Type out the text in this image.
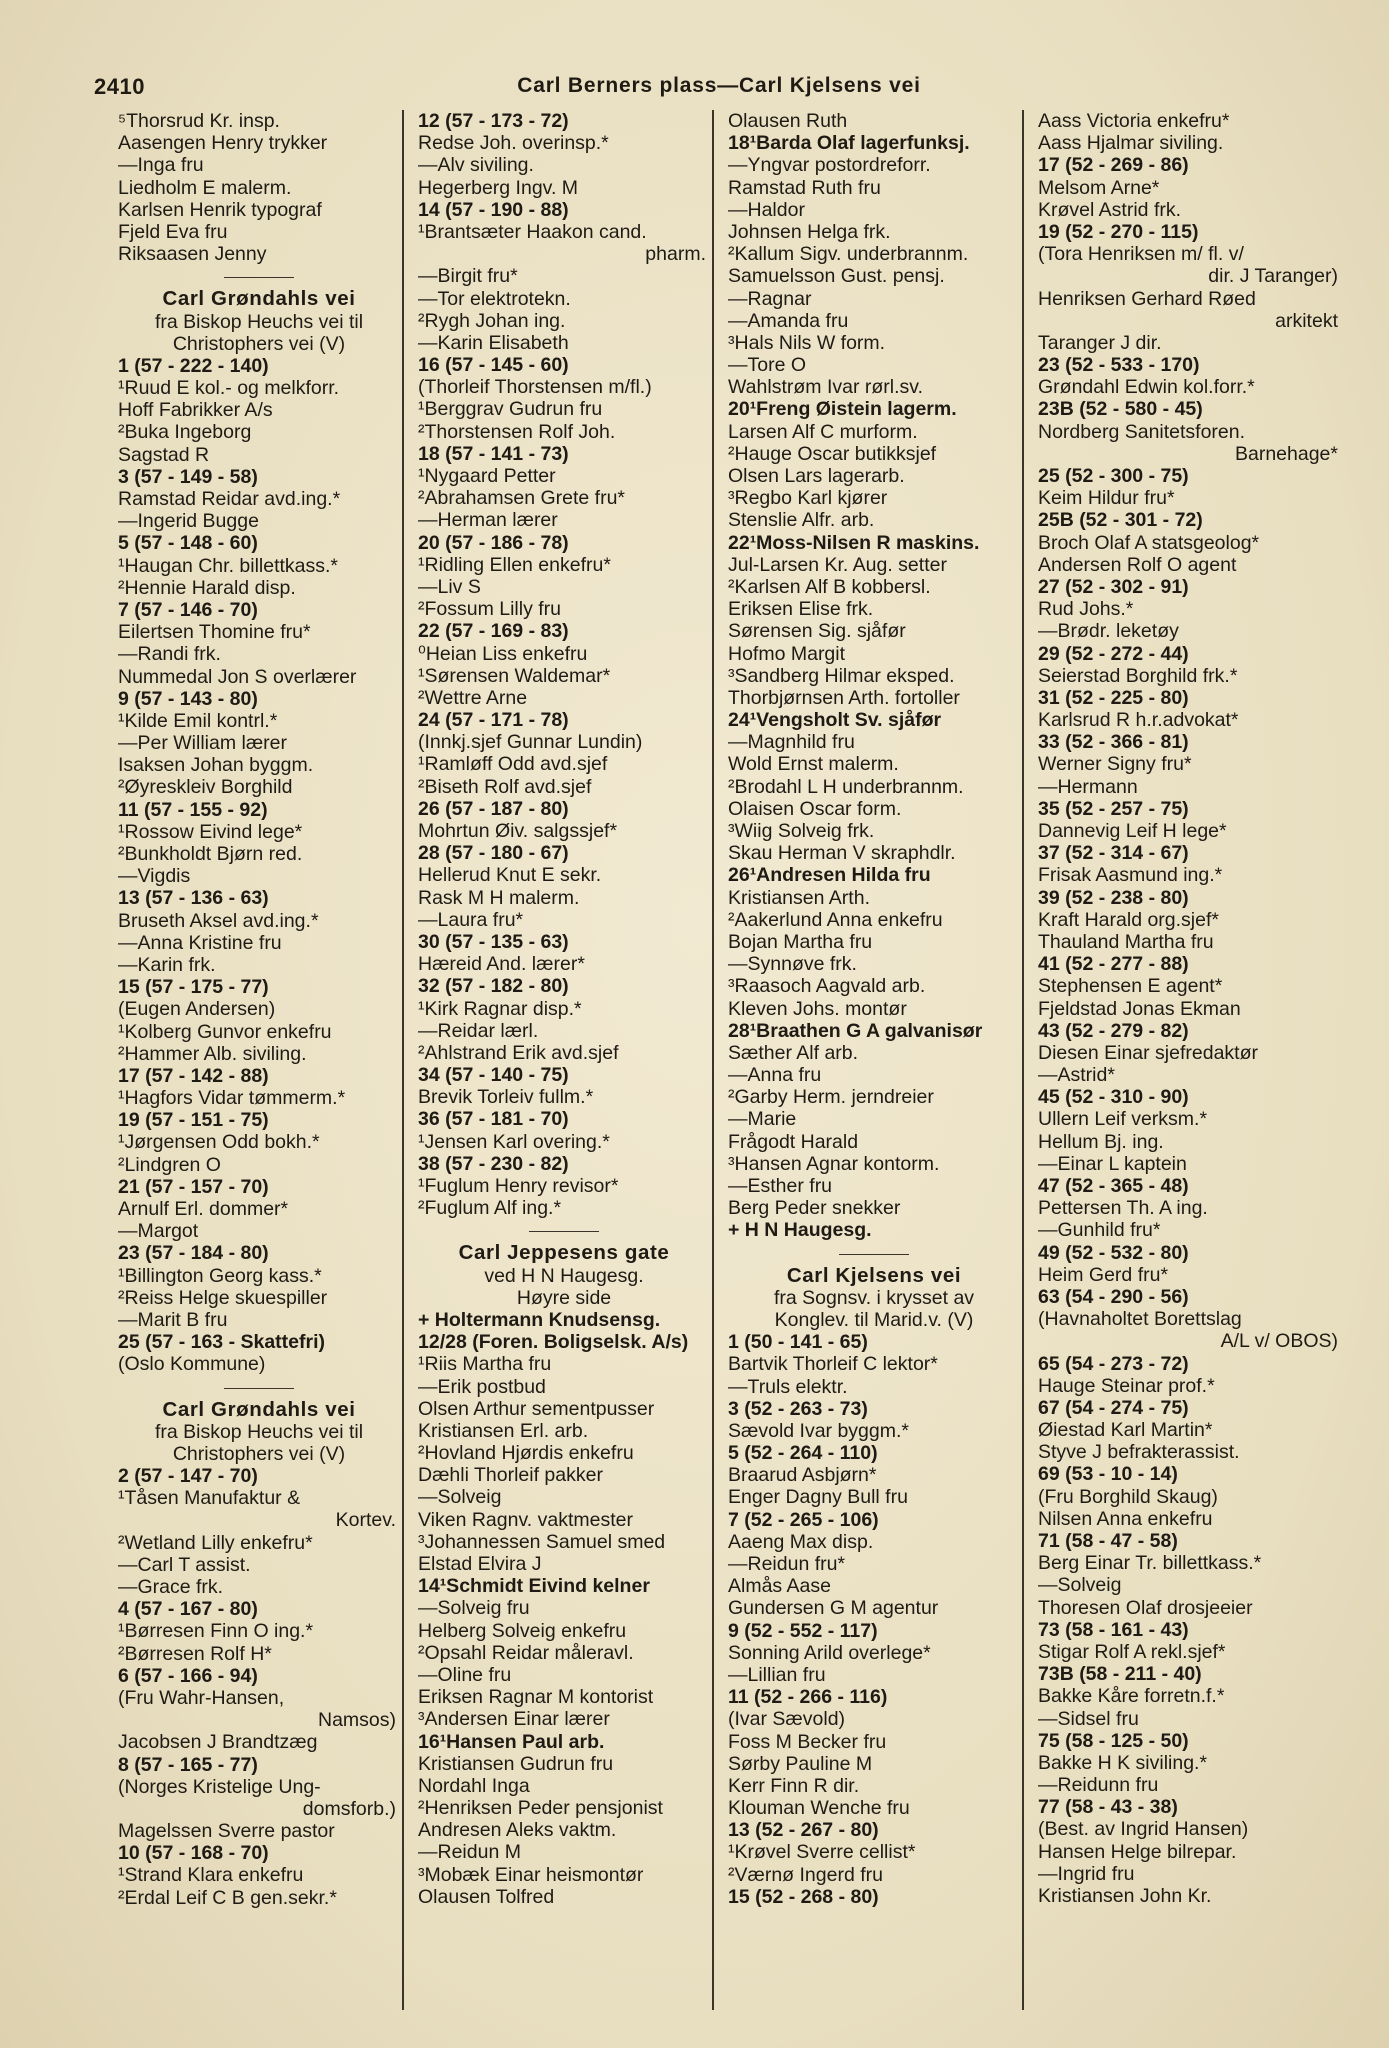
2410	Carl Berners plass—Carl Kjelsens vei
⁵Thorsrud Kr. insp.
Aasengen Henry trykker
—Inga fru
Liedholm E malerm.
Karlsen Henrik typograf
Fjeld Eva fru
Riksaasen Jenny
Carl Grøndahls vei
fra Biskop Heuchs vei til
Christophers vei (V)
1 (57 - 222 - 140)
¹Ruud E kol.- og melkforr.
Hoff Fabrikker A/s
²Buka Ingeborg
Sagstad R
3 (57 - 149 - 58)
Ramstad Reidar avd.ing.*
—Ingerid Bugge
5 (57 - 148 - 60)
¹Haugan Chr. billettkass.*
²Hennie Harald disp.
7 (57 - 146 - 70)
Eilertsen Thomine fru*
—Randi frk.
Nummedal Jon S overlærer
9 (57 - 143 - 80)
¹Kilde Emil kontrl.*
—Per William lærer
Isaksen Johan byggm.
²Øyreskleiv Borghild
11 (57 - 155 - 92)
¹Rossow Eivind lege*
²Bunkholdt Bjørn red.
—Vigdis
13 (57 - 136 - 63)
Bruseth Aksel avd.ing.*
—Anna Kristine fru
—Karin frk.
15 (57 - 175 - 77)
(Eugen Andersen)
¹Kolberg Gunvor enkefru
²Hammer Alb. siviling.
17 (57 - 142 - 88)
¹Hagfors Vidar tømmerm.*
19 (57 - 151 - 75)
¹Jørgensen Odd bokh.*
²Lindgren O
21 (57 - 157 - 70)
Arnulf Erl. dommer*
—Margot
23 (57 - 184 - 80)
¹Billington Georg kass.*
²Reiss Helge skuespiller
—Marit B fru
25 (57 - 163 - Skattefri)
(Oslo Kommune)
Carl Grøndahls vei
fra Biskop Heuchs vei til
Christophers vei (V)
2 (57 - 147 - 70)
¹Tåsen Manufaktur &
Kortev.
²Wetland Lilly enkefru*
—Carl T assist.
—Grace frk.
4 (57 - 167 - 80)
¹Børresen Finn O ing.*
²Børresen Rolf H*
6 (57 - 166 - 94)
(Fru Wahr-Hansen,
Namsos)
Jacobsen J Brandtzæg
8 (57 - 165 - 77)
(Norges Kristelige Ung-
domsforb.)
Magelssen Sverre pastor
10 (57 - 168 - 70)
¹Strand Klara enkefru
²Erdal Leif C B gen.sekr.*
12 (57 - 173 - 72)
Redse Joh. overinsp.*
—Alv siviling.
Hegerberg Ingv. M
14 (57 - 190 - 88)
¹Brantsæter Haakon cand.
pharm.
—Birgit fru*
—Tor elektrotekn.
²Rygh Johan ing.
—Karin Elisabeth
16 (57 - 145 - 60)
(Thorleif Thorstensen m/fl.)
¹Berggrav Gudrun fru
²Thorstensen Rolf Joh.
18 (57 - 141 - 73)
¹Nygaard Petter
²Abrahamsen Grete fru*
—Herman lærer
20 (57 - 186 - 78)
¹Ridling Ellen enkefru*
—Liv S
²Fossum Lilly fru
22 (57 - 169 - 83)
⁰Heian Liss enkefru
¹Sørensen Waldemar*
²Wettre Arne
24 (57 - 171 - 78)
(Innkj.sjef Gunnar Lundin)
¹Ramløff Odd avd.sjef
²Biseth Rolf avd.sjef
26 (57 - 187 - 80)
Mohrtun Øiv. salgssjef*
28 (57 - 180 - 67)
Hellerud Knut E sekr.
Rask M H malerm.
—Laura fru*
30 (57 - 135 - 63)
Hæreid And. lærer*
32 (57 - 182 - 80)
¹Kirk Ragnar disp.*
—Reidar lærl.
²Ahlstrand Erik avd.sjef
34 (57 - 140 - 75)
Brevik Torleiv fullm.*
36 (57 - 181 - 70)
¹Jensen Karl overing.*
38 (57 - 230 - 82)
¹Fuglum Henry revisor*
²Fuglum Alf ing.*
Carl Jeppesens gate
ved H N Haugesg.
Høyre side
+ Holtermann Knudsensg.
12/28 (Foren. Boligselsk. A/s)
¹Riis Martha fru
—Erik postbud
Olsen Arthur sementpusser
Kristiansen Erl. arb.
²Hovland Hjørdis enkefru
Dæhli Thorleif pakker
—Solveig
Viken Ragnv. vaktmester
³Johannessen Samuel smed
Elstad Elvira J
14¹Schmidt Eivind kelner
—Solveig fru
Helberg Solveig enkefru
²Opsahl Reidar måleravl.
—Oline fru
Eriksen Ragnar M kontorist
³Andersen Einar lærer
16¹Hansen Paul arb.
Kristiansen Gudrun fru
Nordahl Inga
²Henriksen Peder pensjonist
Andresen Aleks vaktm.
—Reidun M
³Mobæk Einar heismontør
Olausen Tolfred
Olausen Ruth
18¹Barda Olaf lagerfunksj.
—Yngvar postordreforr.
Ramstad Ruth fru
—Haldor
Johnsen Helga frk.
²Kallum Sigv. underbrannm.
Samuelsson Gust. pensj.
—Ragnar
—Amanda fru
³Hals Nils W form.
—Tore O
Wahlstrøm Ivar rørl.sv.
20¹Freng Øistein lagerm.
Larsen Alf C murform.
²Hauge Oscar butikksjef
Olsen Lars lagerarb.
³Regbo Karl kjører
Stenslie Alfr. arb.
22¹Moss-Nilsen R maskins.
Jul-Larsen Kr. Aug. setter
²Karlsen Alf B kobbersl.
Eriksen Elise frk.
Sørensen Sig. sjåfør
Hofmo Margit
³Sandberg Hilmar eksped.
Thorbjørnsen Arth. fortoller
24¹Vengsholt Sv. sjåfør
—Magnhild fru
Wold Ernst malerm.
²Brodahl L H underbrannm.
Olaisen Oscar form.
³Wiig Solveig frk.
Skau Herman V skraphdlr.
26¹Andresen Hilda fru
Kristiansen Arth.
²Aakerlund Anna enkefru
Bojan Martha fru
—Synnøve frk.
³Raasoch Aagvald arb.
Kleven Johs. montør
28¹Braathen G A galvanisør
Sæther Alf arb.
—Anna fru
²Garby Herm. jerndreier
—Marie
Frågodt Harald
³Hansen Agnar kontorm.
—Esther fru
Berg Peder snekker
+ H N Haugesg.
Carl Kjelsens vei
fra Sognsv. i krysset av
Konglev. til Marid.v. (V)
1 (50 - 141 - 65)
Bartvik Thorleif C lektor*
—Truls elektr.
3 (52 - 263 - 73)
Sævold Ivar byggm.*
5 (52 - 264 - 110)
Braarud Asbjørn*
Enger Dagny Bull fru
7 (52 - 265 - 106)
Aaeng Max disp.
—Reidun fru*
Almås Aase
Gundersen G M agentur
9 (52 - 552 - 117)
Sonning Arild overlege*
—Lillian fru
11 (52 - 266 - 116)
(Ivar Sævold)
Foss M Becker fru
Sørby Pauline M
Kerr Finn R dir.
Klouman Wenche fru
13 (52 - 267 - 80)
¹Krøvel Sverre cellist*
²Værnø Ingerd fru
15 (52 - 268 - 80)
Aass Victoria enkefru*
Aass Hjalmar siviling.
17 (52 - 269 - 86)
Melsom Arne*
Krøvel Astrid frk.
19 (52 - 270 - 115)
(Tora Henriksen m/ fl. v/
dir. J Taranger)
Henriksen Gerhard Røed
arkitekt
Taranger J dir.
23 (52 - 533 - 170)
Grøndahl Edwin kol.forr.*
23B (52 - 580 - 45)
Nordberg Sanitetsforen.
Barnehage*
25 (52 - 300 - 75)
Keim Hildur fru*
25B (52 - 301 - 72)
Broch Olaf A statsgeolog*
Andersen Rolf O agent
27 (52 - 302 - 91)
Rud Johs.*
—Brødr. leketøy
29 (52 - 272 - 44)
Seierstad Borghild frk.*
31 (52 - 225 - 80)
Karlsrud R h.r.advokat*
33 (52 - 366 - 81)
Werner Signy fru*
—Hermann
35 (52 - 257 - 75)
Dannevig Leif H lege*
37 (52 - 314 - 67)
Frisak Aasmund ing.*
39 (52 - 238 - 80)
Kraft Harald org.sjef*
Thauland Martha fru
41 (52 - 277 - 88)
Stephensen E agent*
Fjeldstad Jonas Ekman
43 (52 - 279 - 82)
Diesen Einar sjefredaktør
—Astrid*
45 (52 - 310 - 90)
Ullern Leif verksm.*
Hellum Bj. ing.
—Einar L kaptein
47 (52 - 365 - 48)
Pettersen Th. A ing.
—Gunhild fru*
49 (52 - 532 - 80)
Heim Gerd fru*
63 (54 - 290 - 56)
(Havnaholtet Borettslag
A/L v/ OBOS)
65 (54 - 273 - 72)
Hauge Steinar prof.*
67 (54 - 274 - 75)
Øiestad Karl Martin*
Styve J befrakterassist.
69 (53 - 10 - 14)
(Fru Borghild Skaug)
Nilsen Anna enkefru
71 (58 - 47 - 58)
Berg Einar Tr. billettkass.*
—Solveig
Thoresen Olaf drosjeeier
73 (58 - 161 - 43)
Stigar Rolf A rekl.sjef*
73B (58 - 211 - 40)
Bakke Kåre forretn.f.*
—Sidsel fru
75 (58 - 125 - 50)
Bakke H K siviling.*
—Reidunn fru
77 (58 - 43 - 38)
(Best. av Ingrid Hansen)
Hansen Helge bilrepar.
—Ingrid fru
Kristiansen John Kr.
